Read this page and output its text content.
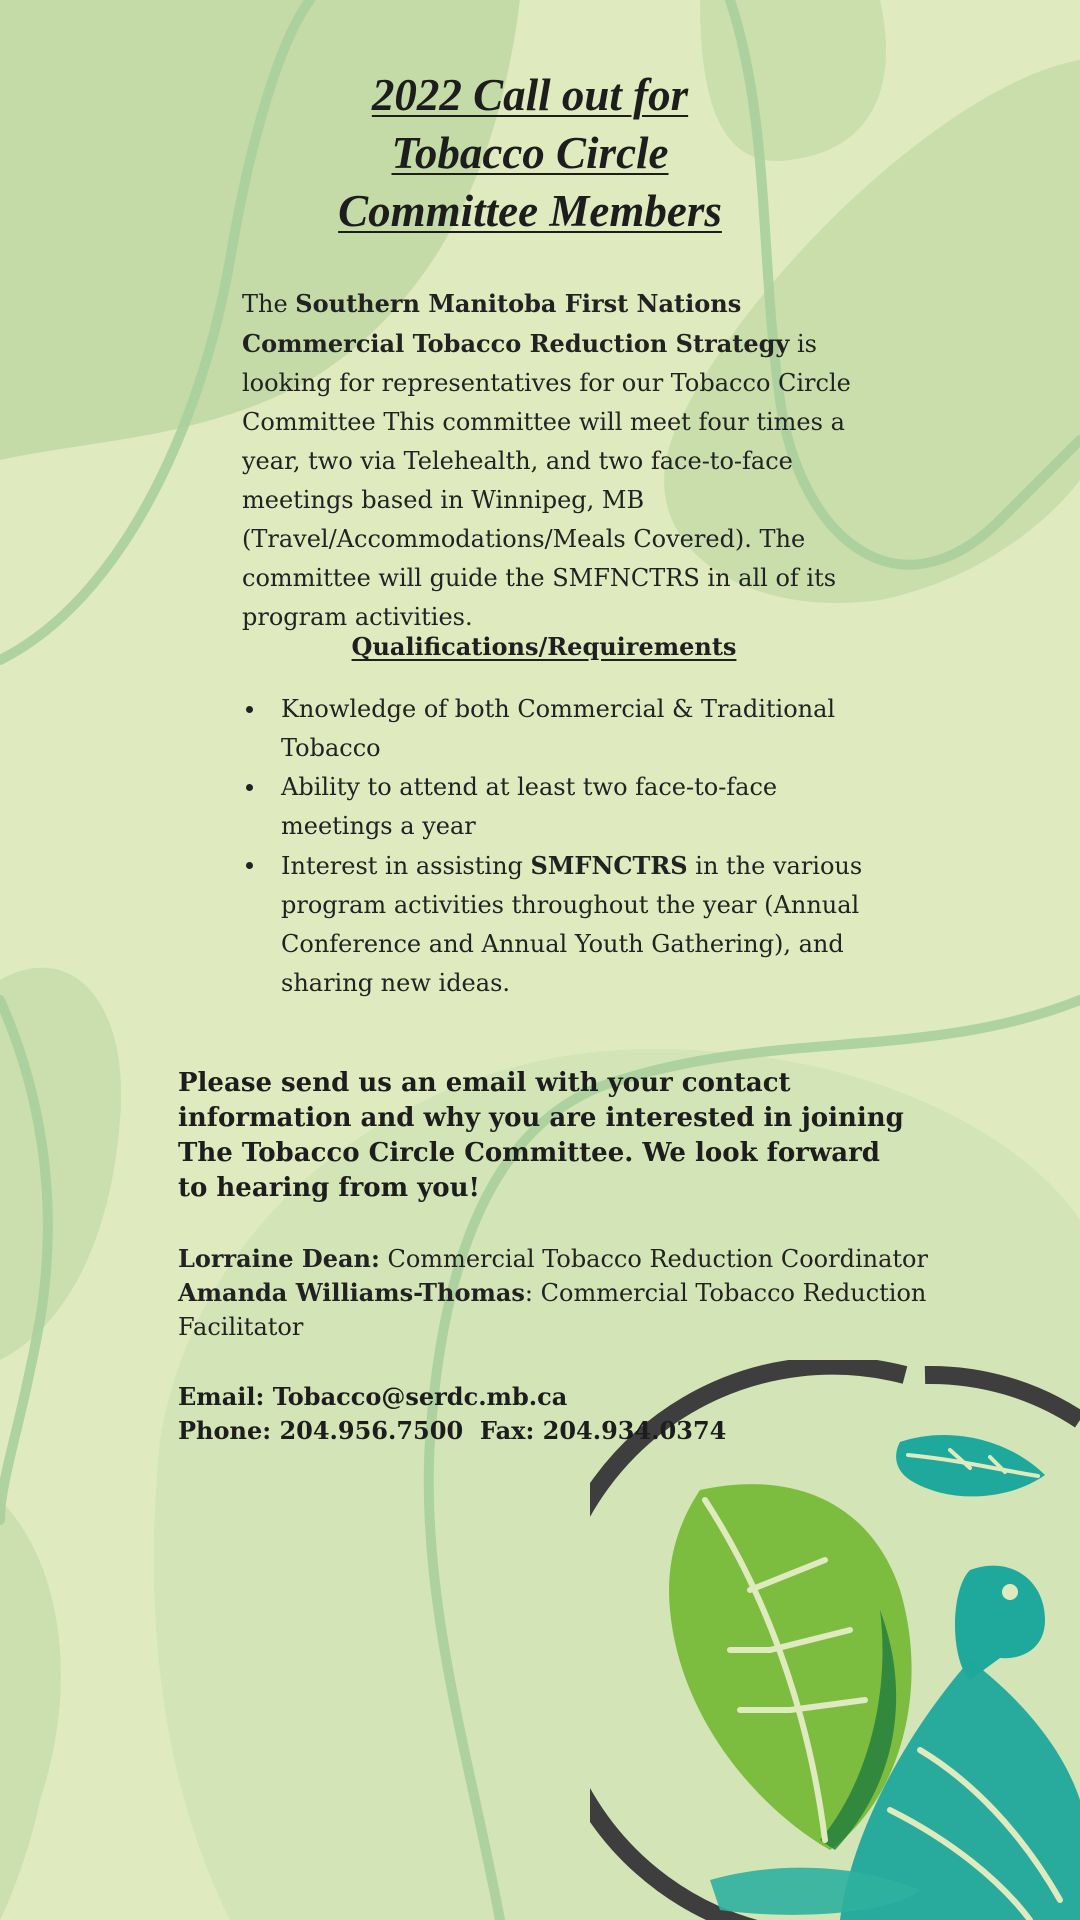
2022 Call out for
Tobacco Circle
Committee Members

The Southern Manitoba First Nations Commercial Tobacco Reduction Strategy is looking for representatives for our Tobacco Circle Committee This committee will meet four times a year, two via Telehealth, and two face-to-face meetings based in Winnipeg, MB (Travel/Accommodations/Meals Covered). The committee will guide the SMFNCTRS in all of its program activities.

Qualifications/Requirements

Knowledge of both Commercial & Traditional Tobacco
Ability to attend at least two face-to-face meetings a year
Interest in assisting SMFNCTRS in the various program activities throughout the year (Annual Conference and Annual Youth Gathering), and sharing new ideas.

Please send us an email with your contact information and why you are interested in joining The Tobacco Circle Committee. We look forward to hearing from you!

Lorraine Dean: Commercial Tobacco Reduction Coordinator

Amanda Williams-Thomas: Commercial Tobacco Reduction Facilitator

Email: Tobacco@serdc.mb.ca

Phone: 204.956.7500  Fax: 204.934.0374
